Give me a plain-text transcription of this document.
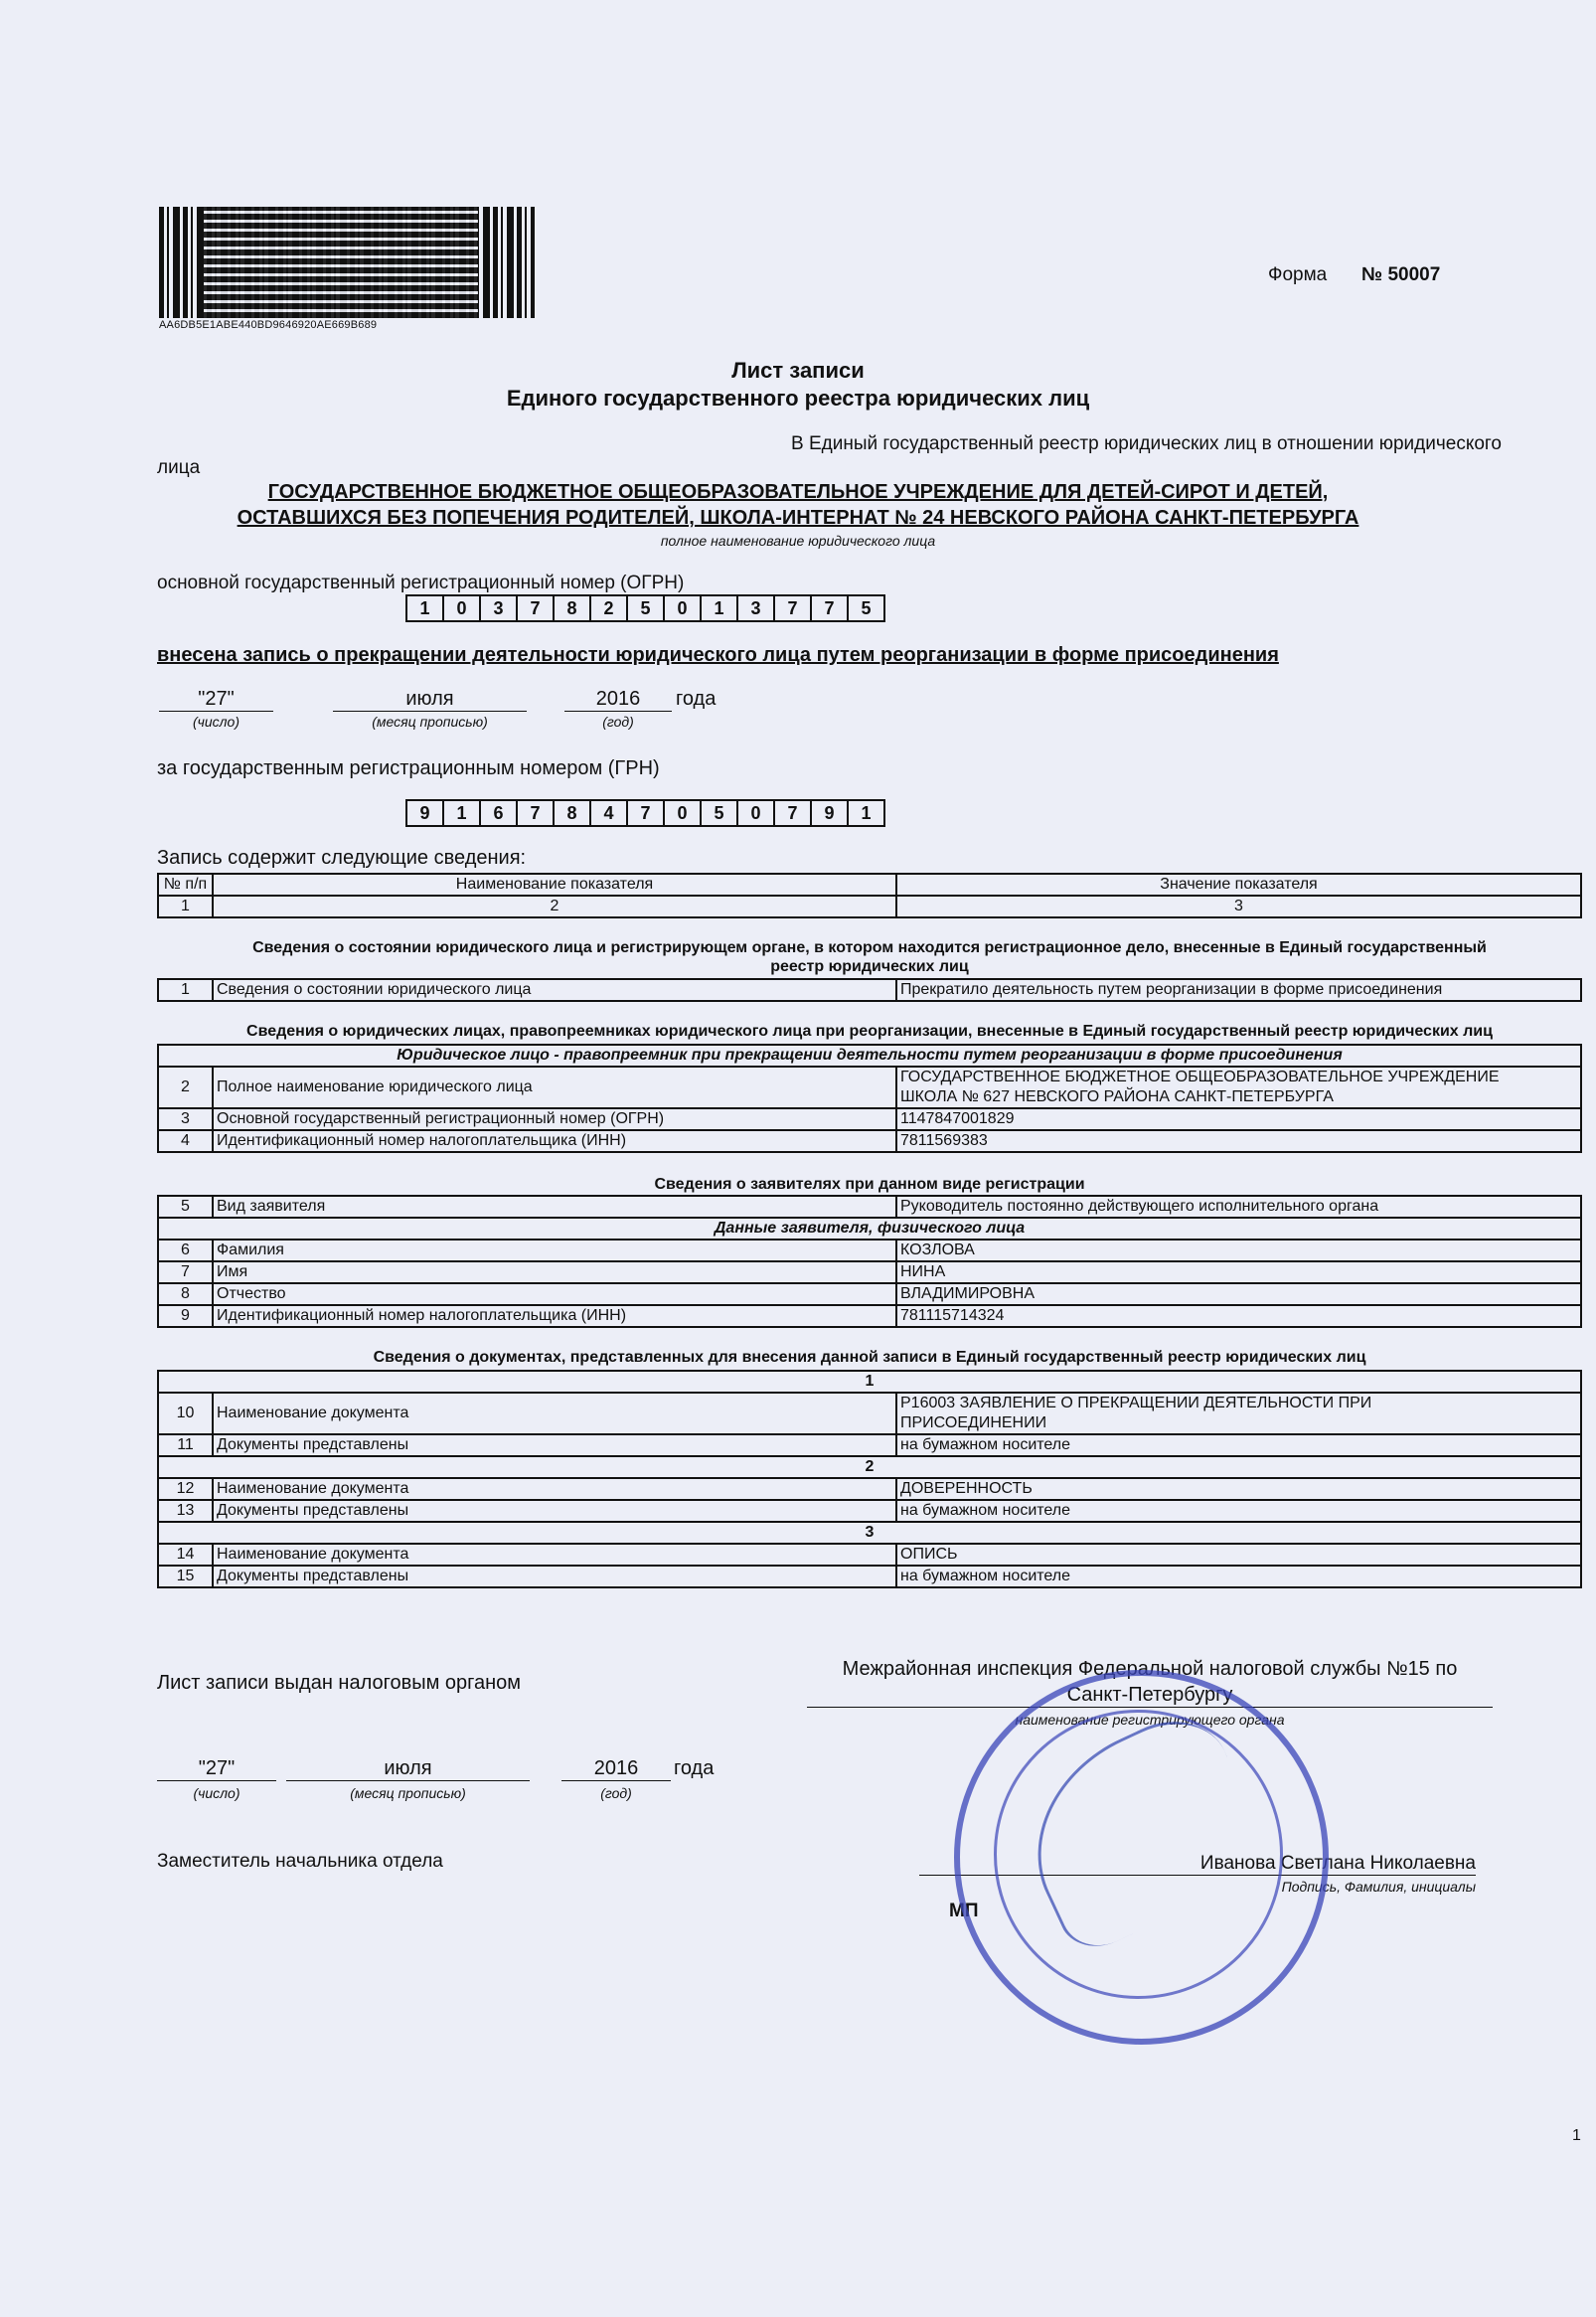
AA6DB5E1ABE440BD9646920AE669B689
Форма № 50007
Лист записи
Единого государственного реестра юридических лиц
В Единый государственный реестр юридических лиц в отношении юридического
лица
ГОСУДАРСТВЕННОЕ БЮДЖЕТНОЕ ОБЩЕОБРАЗОВАТЕЛЬНОЕ УЧРЕЖДЕНИЕ ДЛЯ ДЕТЕЙ-СИРОТ И ДЕТЕЙ,
ОСТАВШИХСЯ БЕЗ ПОПЕЧЕНИЯ РОДИТЕЛЕЙ, ШКОЛА-ИНТЕРНАТ № 24 НЕВСКОГО РАЙОНА САНКТ-ПЕТЕРБУРГА
полное наименование юридического лица
основной государственный регистрационный номер (ОГРН)
1	0	3	7	8	2	5	0	1	3	7	7	5
внесена запись о прекращении деятельности юридического лица путем реорганизации в форме присоединения
"27"	июля	2016	года
(число)	(месяц прописью)	(год)
за государственным регистрационным номером (ГРН)
9	1	6	7	8	4	7	0	5	0	7	9	1
Запись содержит следующие сведения:
№ п/п	Наименование показателя	Значение показателя
1	2	3
Сведения о состоянии юридического лица и регистрирующем органе, в котором находится регистрационное дело, внесенные в Единый государственный
реестр юридических лиц
1	Сведения о состоянии юридического лица	Прекратило деятельность путем реорганизации в форме присоединения
Сведения о юридических лицах, правопреемниках юридического лица при реорганизации, внесенные в Единый государственный реестр юридических лиц
Юридическое лицо - правопреемник при прекращении деятельности путем реорганизации в форме присоединения		
2	Полное наименование юридического лица	ГОСУДАРСТВЕННОЕ БЮДЖЕТНОЕ ОБЩЕОБРАЗОВАТЕЛЬНОЕ УЧРЕЖДЕНИЕ
ШКОЛА № 627 НЕВСКОГО РАЙОНА САНКТ-ПЕТЕРБУРГА

3	Основной государственный регистрационный номер (ОГРН)	1147847001829
4	Идентификационный номер налогоплательщика (ИНН)	7811569383
Сведения о заявителях при данном виде регистрации
5	Вид заявителя	Руководитель постоянно действующего исполнительного органа
Данные заявителя, физического лица		
6	Фамилия	КОЗЛОВА
7	Имя	НИНА
8	Отчество	ВЛАДИМИРОВНА
9	Идентификационный номер налогоплательщика (ИНН)	781115714324
Сведения о документах, представленных для внесения данной записи в Единый государственный реестр юридических лиц
1		
10	Наименование документа	Р16003 ЗАЯВЛЕНИЕ О ПРЕКРАЩЕНИИ ДЕЯТЕЛЬНОСТИ ПРИ
ПРИСОЕДИНЕНИИ

11	Документы представлены	на бумажном носителе
2		
12	Наименование документа	ДОВЕРЕННОСТЬ
13	Документы представлены	на бумажном носителе
3		
14	Наименование документа	ОПИСЬ
15	Документы представлены	на бумажном носителе
Лист записи выдан налоговым органом
Межрайонная инспекция Федеральной налоговой службы №15 по
Санкт-Петербургу
наименование регистрирующего органа
"27"	июля	2016	года
(число)	(месяц прописью)	(год)
Заместитель начальника отдела	Иванова Светлана Николаевна
Подпись, Фамилия, инициалы
МП
1
